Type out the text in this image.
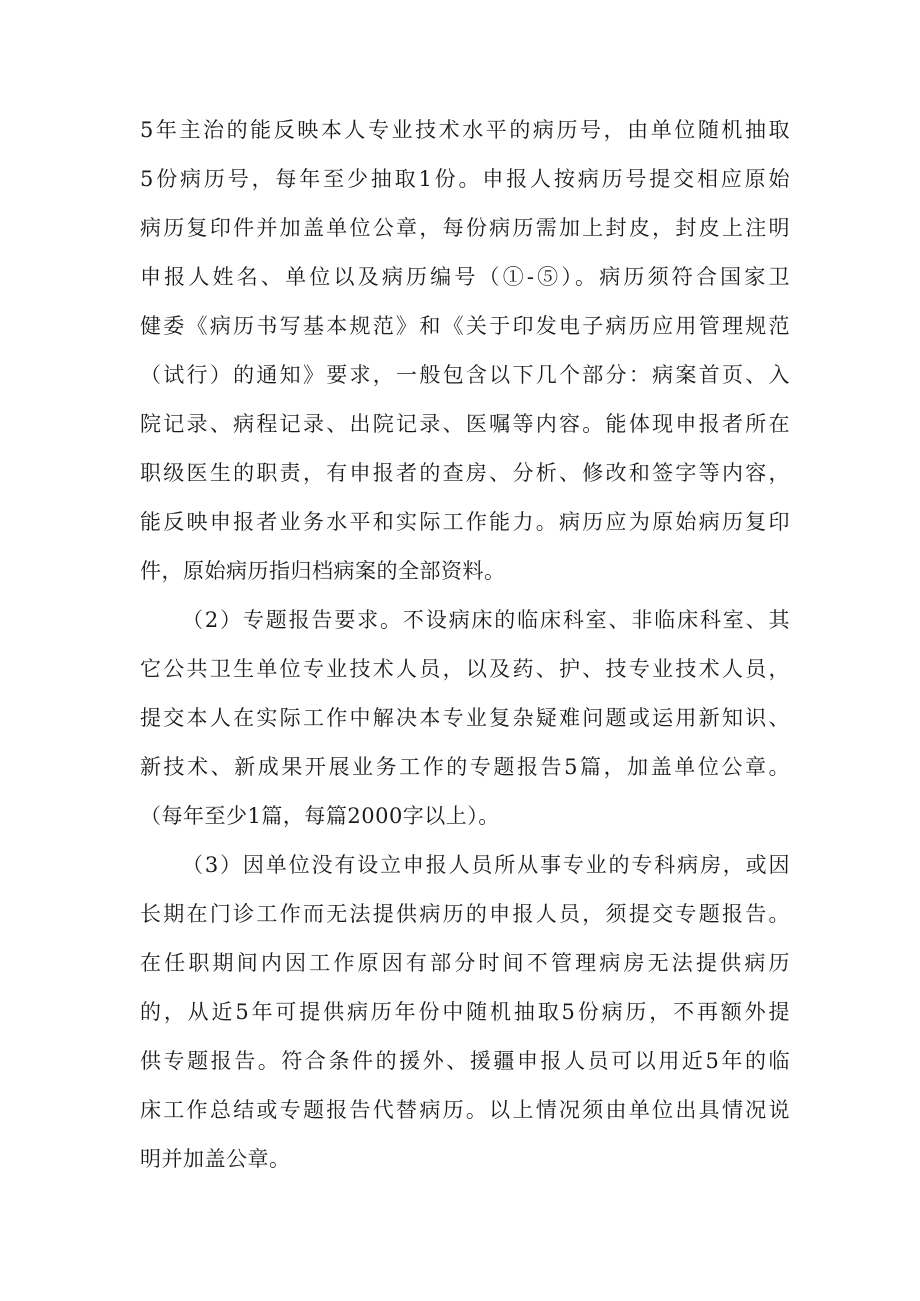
5年主治的能反映本人专业技术水平的病历号，由单位随机抽取
5份病历号，每年至少抽取1份。申报人按病历号提交相应原始
病历复印件并加盖单位公章，每份病历需加上封皮，封皮上注明
申报人姓名、单位以及病历编号（①-⑤）。病历须符合国家卫
健委《病历书写基本规范》和《关于印发电子病历应用管理规范
（试行）的通知》要求，一般包含以下几个部分：病案首页、入
院记录、病程记录、出院记录、医嘱等内容。能体现申报者所在
职级医生的职责，有申报者的查房、分析、修改和签字等内容，
能反映申报者业务水平和实际工作能力。病历应为原始病历复印
件，原始病历指归档病案的全部资料。
（2）专题报告要求。不设病床的临床科室、非临床科室、其
它公共卫生单位专业技术人员，以及药、护、技专业技术人员，
提交本人在实际工作中解决本专业复杂疑难问题或运用新知识、
新技术、新成果开展业务工作的专题报告5篇，加盖单位公章。
（每年至少1篇，每篇2000字以上）。
（3）因单位没有设立申报人员所从事专业的专科病房，或因
长期在门诊工作而无法提供病历的申报人员，须提交专题报告。
在任职期间内因工作原因有部分时间不管理病房无法提供病历
的，从近5年可提供病历年份中随机抽取5份病历，不再额外提
供专题报告。符合条件的援外、援疆申报人员可以用近5年的临
床工作总结或专题报告代替病历。以上情况须由单位出具情况说
明并加盖公章。
